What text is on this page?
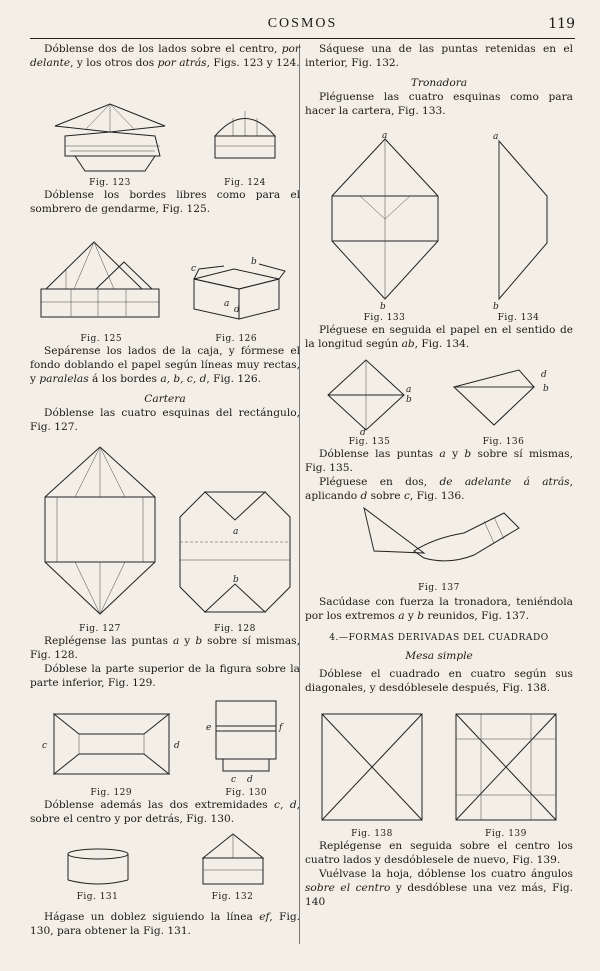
COSMOS	119

Dóblense dos de los lados sobre el centro, por delante, y los otros dos por atrás, Figs. 123 y 124.

Fig. 123	Fig. 124

Dóblense los bordes libres como para el sombrero de gendarme, Fig. 125.

Fig. 125
c
b
a
d
Fig. 126

Sepárense los lados de la caja, y fórmese el fondo doblando el papel según líneas muy rectas, y paralelas á los bordes a, b, c, d, Fig. 126.

Cartera

Dóblense las cuatro esquinas del rectángulo, Fig. 127.

Fig. 127
a
b
Fig. 128

Replégense las puntas a y b sobre sí mismas, Fig. 128.

Dóblese la parte superior de la figura sobre la parte inferior, Fig. 129.

c	d
Fig. 129
e	f
c d
Fig. 130

Dóblense además las dos extremidades c, d, sobre el centro y por detrás, Fig. 130.

Fig. 131	Fig. 132

Hágase un doblez siguiendo la línea ef, Fig. 130, para obtener la Fig. 131.

Sáquese una de las puntas retenidas en el interior, Fig. 132.

Tronadora

Pléguense las cuatro esquinas como para hacer la cartera, Fig. 133.

a
b
Fig. 133
a
b
Fig. 134

Pléguese en seguida el papel en el sentido de la longitud según ab, Fig. 134.

a
b
d
Fig. 135
d
b
Fig. 136

Dóblense las puntas a y b sobre sí mismas, Fig. 135.

Pléguese en dos, de adelante á atrás, aplicando d sobre c, Fig. 136.

Fig. 137

Sacúdase con fuerza la tronadora, teniéndola por los extremos a y b reunidos, Fig. 137.

4.—FORMAS DERIVADAS DEL CUADRADO

Mesa simple

Dóblese el cuadrado en cuatro según sus diagonales, y desdóblesele después, Fig. 138.

Fig. 138	Fig. 139

Replégense en seguida sobre el centro los cuatro lados y desdóblesele de nuevo, Fig. 139.

Vuélvase la hoja, dóblense los cuatro ángulos sobre el centro y desdóblese una vez más, Fig. 140
